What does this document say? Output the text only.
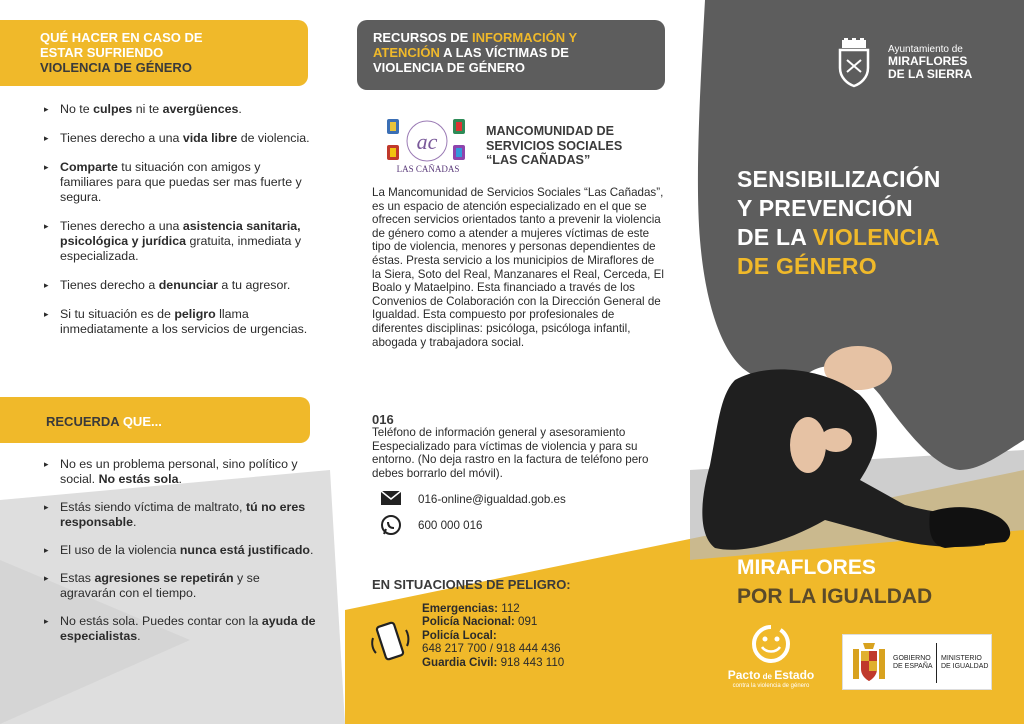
QUÉ HACER EN CASO DE
ESTAR SUFRIENDO
VIOLENCIA DE GÉNERO
▸ No te culpes ni te avergüences.
▸ Tienes derecho a una vida libre de violencia.
▸ Comparte tu situación con amigos y familiares para que puedas ser mas fuerte y segura.
▸ Tienes derecho a una asistencia sanitaria, psicológica y jurídica gratuita, inmediata y especializada.
▸ Tienes derecho a denunciar a tu agresor.
▸ Si tu situación es de peligro llama inmediatamente a los servicios de urgencias.
RECUERDA QUE...
▸ No es un problema personal, sino político y social. No estás sola.
▸ Estás siendo víctima de maltrato, tú no eres responsable.
▸ El uso de la violencia nunca está justificado.
▸ Estas agresiones se repetirán y se agravarán con el tiempo.
▸ No estás sola. Puedes contar con la ayuda de especialistas.
RECURSOS DE INFORMACIÓN Y
ATENCIÓN A LAS VÍCTIMAS DE
VIOLENCIA DE GÉNERO
ac
LAS CAÑADAS
MANCOMUNIDAD DE
SERVICIOS SOCIALES
“LAS CAÑADAS”
La Mancomunidad de Servicios Sociales “Las Cañadas”, es un espacio de atención especializado en el que se ofrecen servicios orientados tanto a prevenir la violencia de género como a atender a mujeres víctimas de este tipo de violencia, menores y personas dependientes de éstas. Presta servicio a los municipios de Miraflores de la Siera, Soto del Real, Manzanares el Real, Cerceda, El Boalo y Mataelpino. Esta financiado a través de los Convenios de Colaboración con la Dirección General de Igualdad. Esta compuesto por profesionales de diferentes disciplinas: psicóloga, psicóloga infantil, abogada y trabajadora social.
016
Teléfono de información general y asesoramiento Eespecializado para víctimas de violencia y para su entorno. (No deja rastro en la factura de teléfono pero debes borrarlo del móvil).
016-online@igualdad.gob.es
600 000 016
EN SITUACIONES DE PELIGRO:
Emergencias: 112
Policía Nacional: 091
Policía Local:
648 217 700 / 918 444 436
Guardia Civil: 918 443 110
Ayuntamiento de
MIRAFLORES
DE LA SIERRA
SENSIBILIZACIÓN
Y PREVENCIÓN
DE LA VIOLENCIA
DE GÉNERO
MIRAFLORES
POR LA IGUALDAD
Pacto de Estado
contra la violencia de género
GOBIERNO
DE ESPAÑA
MINISTERIO
DE IGUALDAD
